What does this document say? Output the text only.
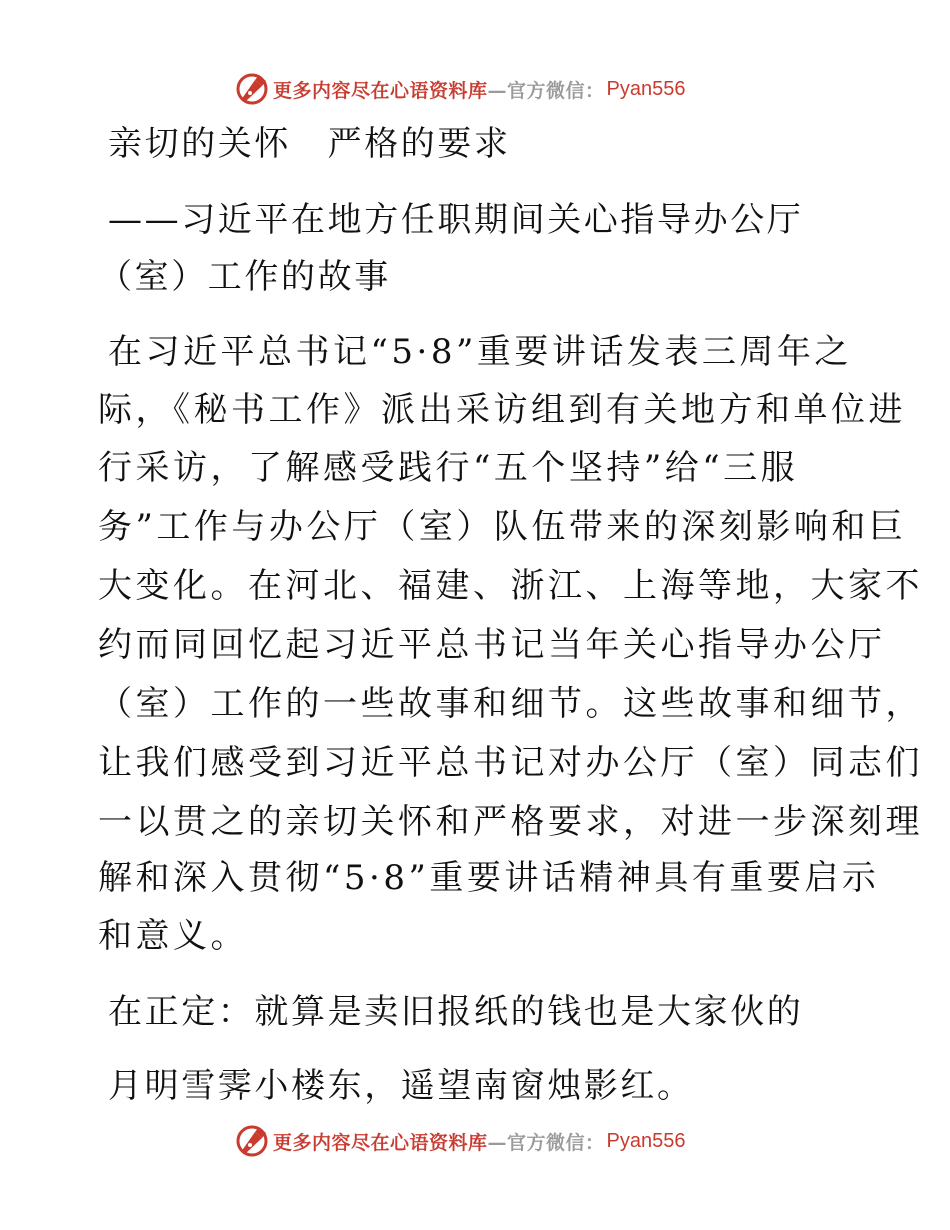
更多内容尽在心语资料库 —官方微信： Pyan556
亲切的关怀　严格的要求
——习近平在地方任职期间关心指导办公厅
（室）工作的故事
在习近平总书记“5·8”重要讲话发表三周年之
际，《秘书工作》派出采访组到有关地方和单位进
行采访，了解感受践行“五个坚持”给“三服
务”工作与办公厅（室）队伍带来的深刻影响和巨
大变化。在河北、福建、浙江、上海等地，大家不
约而同回忆起习近平总书记当年关心指导办公厅
（室）工作的一些故事和细节。这些故事和细节，
让我们感受到习近平总书记对办公厅（室）同志们
一以贯之的亲切关怀和严格要求，对进一步深刻理
解和深入贯彻“5·8”重要讲话精神具有重要启示
和意义。
在正定：就算是卖旧报纸的钱也是大家伙的
月明雪霁小楼东，遥望南窗烛影红。
更多内容尽在心语资料库 —官方微信： Pyan556
